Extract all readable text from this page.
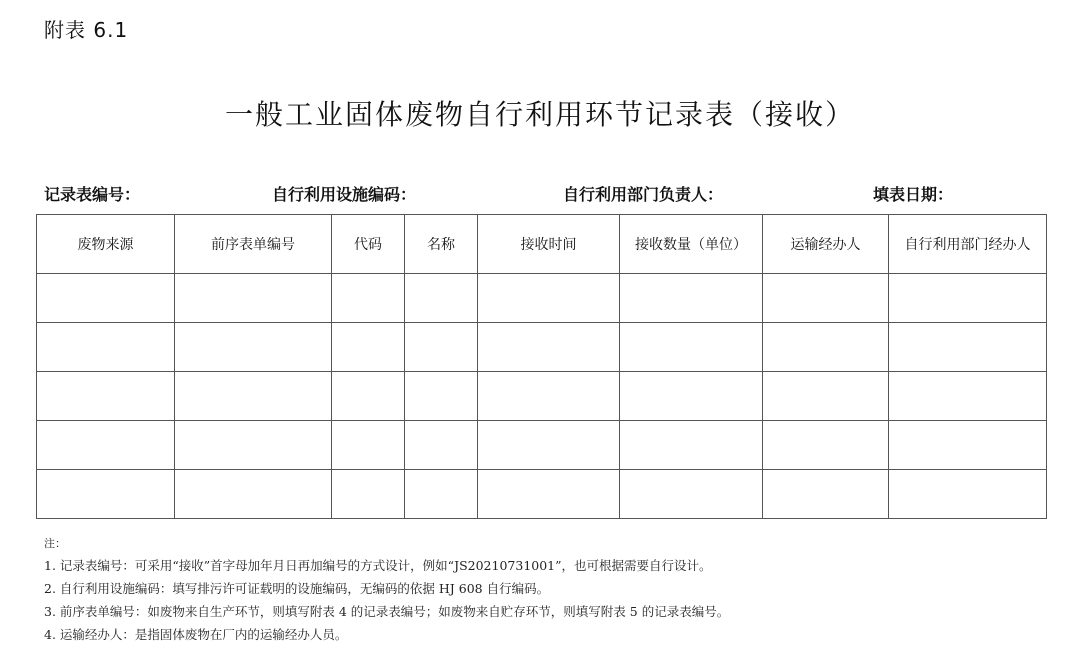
附表 6.1
一般工业固体废物自行利用环节记录表（接收）
记录表编号：	自行利用设施编码：	自行利用部门负责人：	填表日期：
废物来源	前序表单编号	代码	名称	接收时间	接收数量（单位）	运输经办人	自行利用部门经办人

注：
1. 记录表编号：可采用“接收”首字母加年月日再加编号的方式设计，例如“JS20210731001”，也可根据需要自行设计。
2. 自行利用设施编码：填写排污许可证载明的设施编码，无编码的依据 HJ 608 自行编码。
3. 前序表单编号：如废物来自生产环节，则填写附表 4 的记录表编号；如废物来自贮存环节，则填写附表 5 的记录表编号。
4. 运输经办人：是指固体废物在厂内的运输经办人员。
